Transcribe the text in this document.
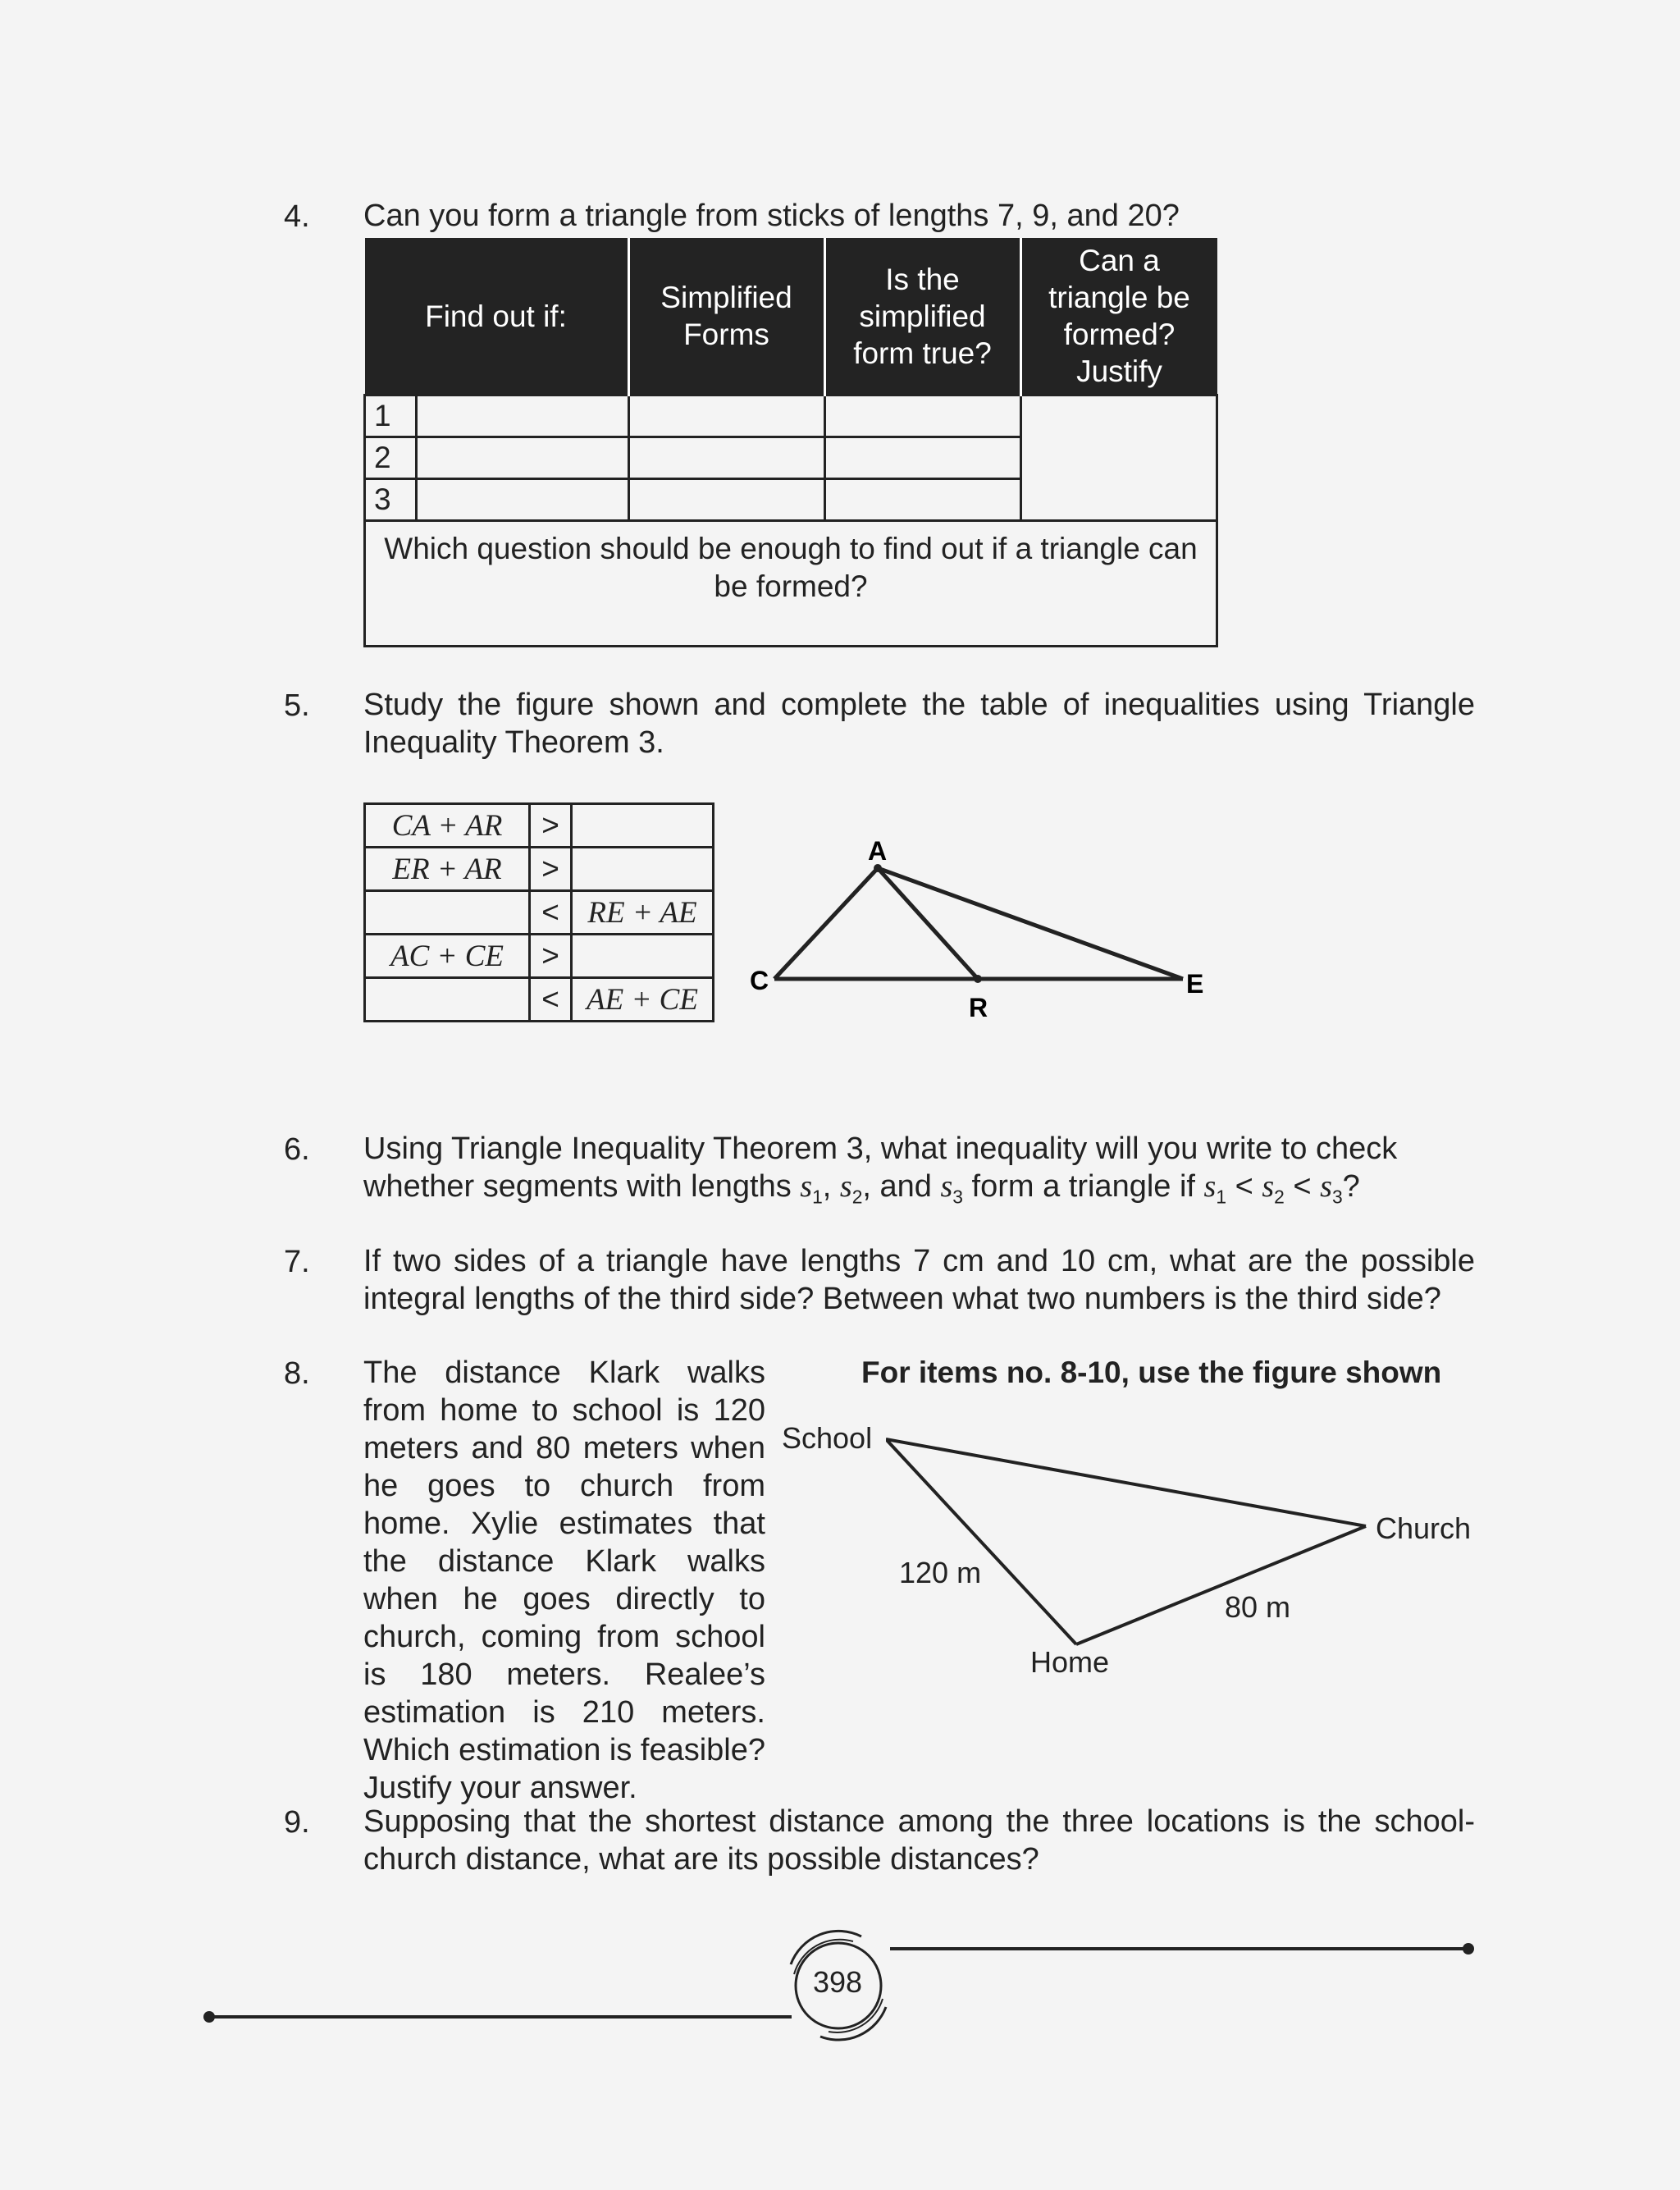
4. Can you form a triangle from sticks of lengths 7, 9, and 20?
Find out if:		Simplified Forms	Is the simplified form true?	Can a triangle be formed? Justify
1				
2				
3				
Which question should be enough to find out if a triangle can be formed?				
5. Study the figure shown and complete the table of inequalities using Triangle Inequality Theorem 3.
CA + AR	>	
ER + AR	>	
	<	RE + AE
AC + CE	>	
	<	AE + CE
A
C
R
E
6. Using Triangle Inequality Theorem 3, what inequality will you write to check
whether segments with lengths $s_1$, $s_2$, and $s_3$ form a triangle if $s_1 < s_2 < s_3$?
7. If two sides of a triangle have lengths 7 cm and 10 cm, what are the possible integral lengths of the third side? Between what two numbers is the third side?
8. The distance Klark walks from home to school is 120 meters and 80 meters when he goes to church from home. Xylie estimates that the distance Klark walks when he goes directly to church, coming from school is 180 meters. Realee’s estimation is 210 meters. Which estimation is feasible? Justify your answer.
For items no. 8-10, use the figure shown
School
Church
120 m
80 m
Home
9. Supposing that the shortest distance among the three locations is the school-church distance, what are its possible distances?
398
